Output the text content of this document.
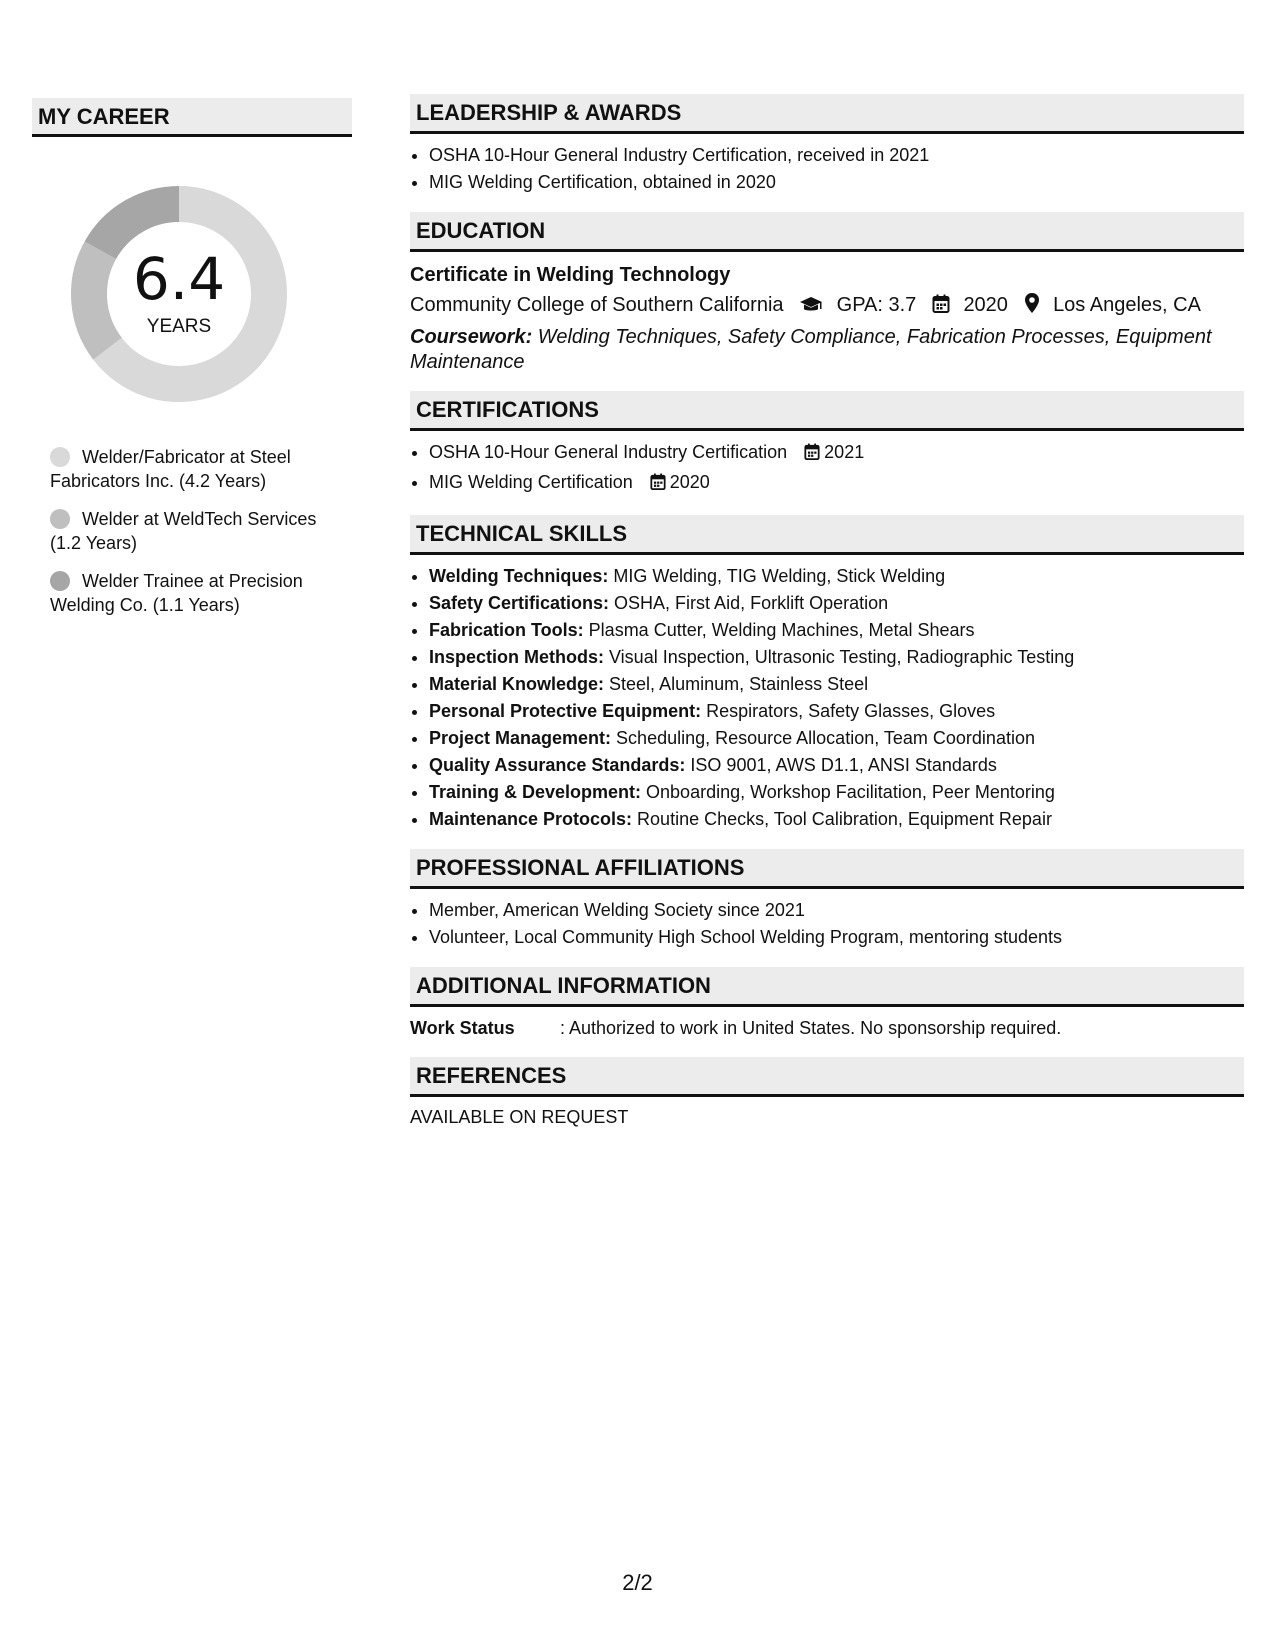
MY CAREER
6.4
YEARS
Welder/Fabricator at Steel Fabricators Inc. (4.2 Years)
Welder at WeldTech Services (1.2 Years)
Welder Trainee at Precision Welding Co. (1.1 Years)
LEADERSHIP & AWARDS
• OSHA 10-Hour General Industry Certification, received in 2021
• MIG Welding Certification, obtained in 2020
EDUCATION
Certificate in Welding Technology
Community College of Southern California	GPA: 3.7 2020 Los Angeles, CA
Coursework: Welding Techniques, Safety Compliance, Fabrication Processes, Equipment Maintenance
CERTIFICATIONS
• OSHA 10-Hour General Industry Certification 2021
• MIG Welding Certification 2020
TECHNICAL SKILLS
• Welding Techniques: MIG Welding, TIG Welding, Stick Welding
• Safety Certifications: OSHA, First Aid, Forklift Operation
• Fabrication Tools: Plasma Cutter, Welding Machines, Metal Shears
• Inspection Methods: Visual Inspection, Ultrasonic Testing, Radiographic Testing
• Material Knowledge: Steel, Aluminum, Stainless Steel
• Personal Protective Equipment: Respirators, Safety Glasses, Gloves
• Project Management: Scheduling, Resource Allocation, Team Coordination
• Quality Assurance Standards: ISO 9001, AWS D1.1, ANSI Standards
• Training & Development: Onboarding, Workshop Facilitation, Peer Mentoring
• Maintenance Protocols: Routine Checks, Tool Calibration, Equipment Repair
PROFESSIONAL AFFILIATIONS
• Member, American Welding Society since 2021
• Volunteer, Local Community High School Welding Program, mentoring students
ADDITIONAL INFORMATION
Work Status	: Authorized to work in United States. No sponsorship required.
REFERENCES
AVAILABLE ON REQUEST
2/2
